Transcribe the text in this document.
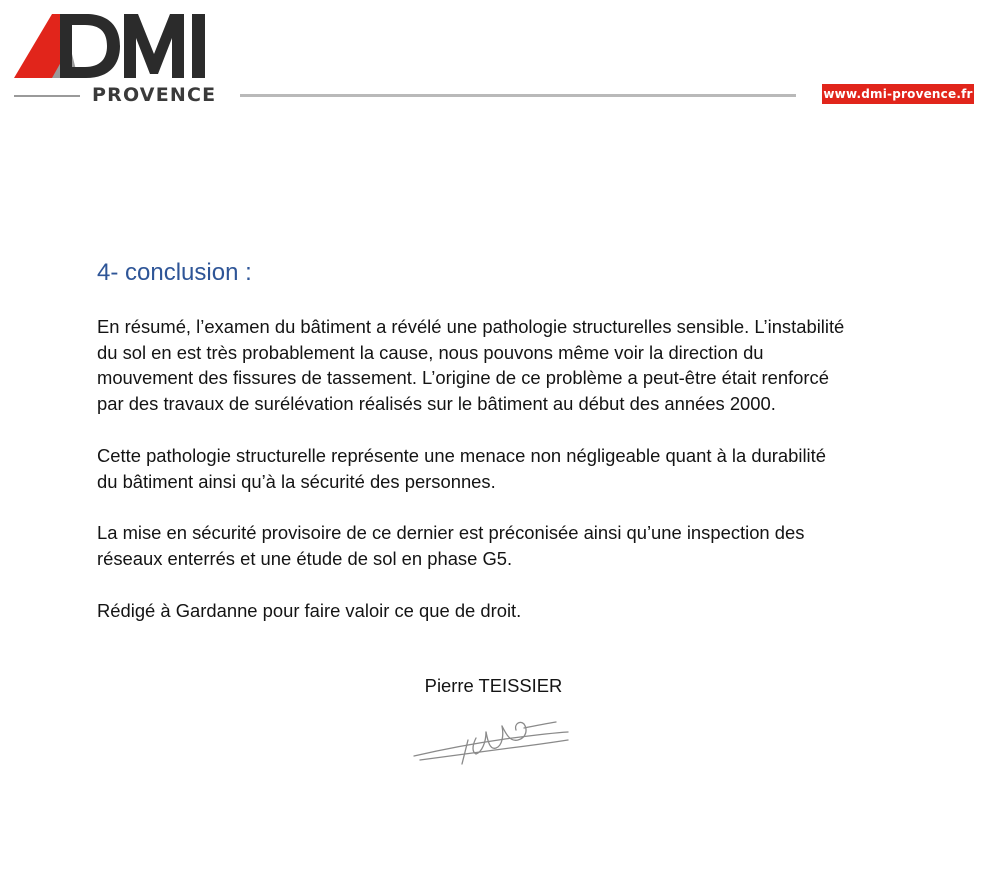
PROVENCE	www.dmi-provence.fr
4- conclusion :

En résumé, l’examen du bâtiment a révélé une pathologie structurelles sensible. L’instabilité
du sol en est très probablement la cause, nous pouvons même voir la direction du
mouvement des fissures de tassement. L’origine de ce problème a peut-être était renforcé
par des travaux de surélévation réalisés sur le bâtiment au début des années 2000.

Cette pathologie structurelle représente une menace non négligeable quant à la durabilité
du bâtiment ainsi qu’à la sécurité des personnes.

La mise en sécurité provisoire de ce dernier est préconisée ainsi qu’une inspection des
réseaux enterrés et une étude de sol en phase G5.

Rédigé à Gardanne pour faire valoir ce que de droit.

Pierre TEISSIER
